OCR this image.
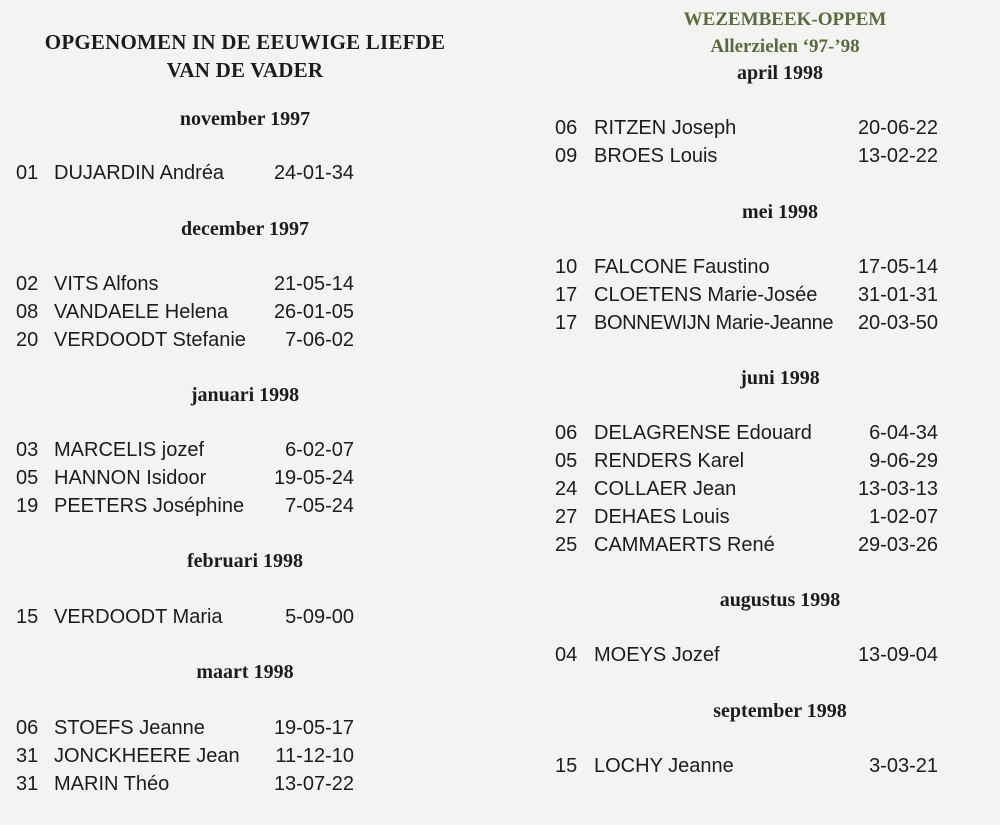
OPGENOMEN IN DE EEUWIGE LIEFDE
VAN DE VADER
november 1997
01 DUJARDIN Andréa	24-01-34
december 1997
02 VITS Alfons	21-05-14
08 VANDAELE Helena	26-01-05
20 VERDOODT Stefanie	7-06-02
januari 1998
03 MARCELIS jozef	6-02-07
05 HANNON Isidoor	19-05-24
19 PEETERS Joséphine	7-05-24
februari 1998
15 VERDOODT Maria	5-09-00
maart 1998
06 STOEFS Jeanne	19-05-17
31 JONCKHEERE Jean	11-12-10
31 MARIN Théo	13-07-22
WEZEMBEEK-OPPEM
Allerzielen ‘97-’98
april 1998
06 RITZEN Joseph	20-06-22
09 BROES Louis	13-02-22
mei 1998
10 FALCONE Faustino	17-05-14
17 CLOETENS Marie-Josée	31-01-31
17 BONNEWIJN Marie-Jeanne	20-03-50
juni 1998
06 DELAGRENSE Edouard	6-04-34
05 RENDERS Karel	9-06-29
24 COLLAER Jean	13-03-13
27 DEHAES Louis	1-02-07
25 CAMMAERTS René	29-03-26
augustus 1998
04 MOEYS Jozef	13-09-04
september 1998
15 LOCHY Jeanne	3-03-21
